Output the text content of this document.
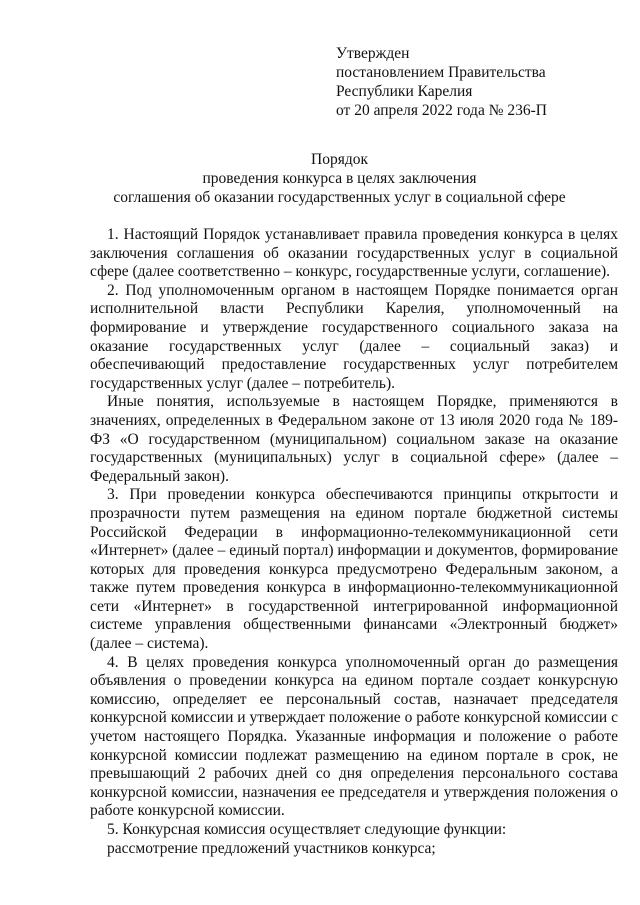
Утвержден
постановлением Правительства
Республики Карелия
от 20 апреля 2022 года № 236-П
Порядок
проведения конкурса в целях заключения
соглашения об оказании государственных услуг в социальной сфере

1. Настоящий Порядок устанавливает правила проведения конкурса в целях заключения соглашения об оказании государственных услуг в социальной сфере (далее соответственно – конкурс, государственные услуги, соглашение).

2. Под уполномоченным органом в настоящем Порядке понимается орган исполнительной власти Республики Карелия, уполномоченный на формирование и утверждение государственного социального заказа на оказание государственных услуг (далее – социальный заказ) и обеспечивающий предоставление государственных услуг потребителем государственных услуг (далее – потребитель).

Иные понятия, используемые в настоящем Порядке, применяются в значениях, определенных в Федеральном законе от 13 июля 2020 года № 189-ФЗ «О государственном (муниципальном) социальном заказе на оказание государственных (муниципальных) услуг в социальной сфере» (далее – Федеральный закон).

3. При проведении конкурса обеспечиваются принципы открытости и прозрачности путем размещения на едином портале бюджетной системы Российской Федерации в информационно-телекоммуникационной сети «Интернет» (далее – единый портал) информации и документов, формирование которых для проведения конкурса предусмотрено Федеральным законом, а также путем проведения конкурса в информационно-телекоммуникационной сети «Интернет» в государственной интегрированной информационной системе управления общественными финансами «Электронный бюджет» (далее – система).

4. В целях проведения конкурса уполномоченный орган до размещения объявления о проведении конкурса на едином портале создает конкурсную комиссию, определяет ее персональный состав, назначает председателя конкурсной комиссии и утверждает положение о работе конкурсной комиссии с учетом настоящего Порядка. Указанные информация и положение о работе конкурсной комиссии подлежат размещению на едином портале в срок, не превышающий 2 рабочих дней со дня определения персонального состава конкурсной комиссии, назначения ее председателя и утверждения положения о работе конкурсной комиссии.

5. Конкурсная комиссия осуществляет следующие функции:

рассмотрение предложений участников конкурса;
